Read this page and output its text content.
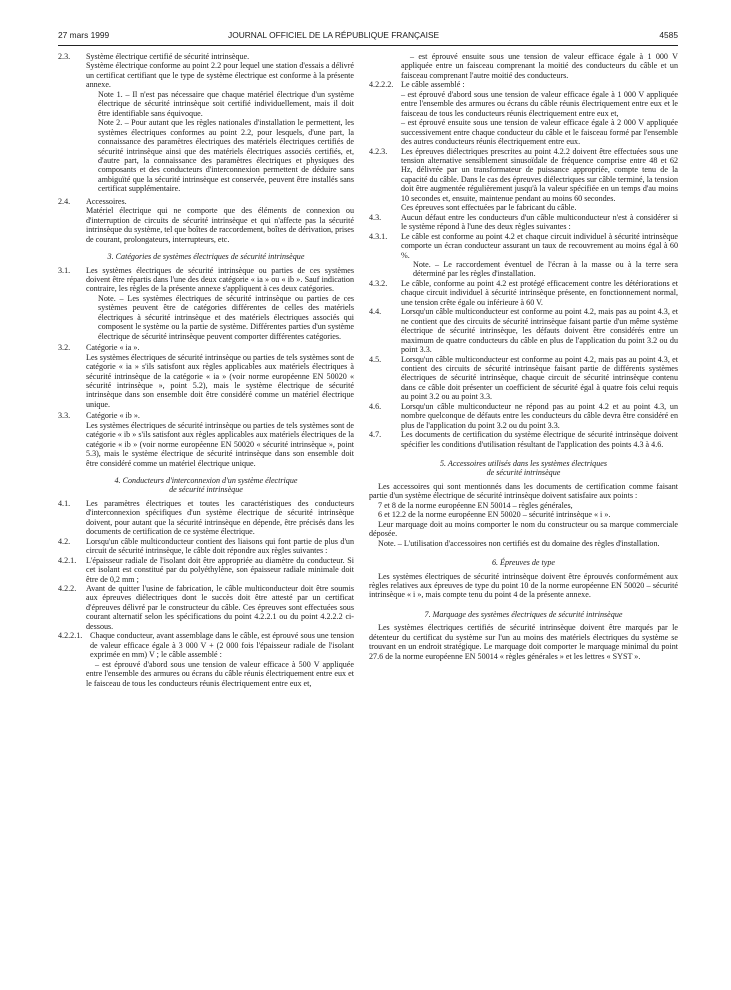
27 mars 1999	JOURNAL OFFICIEL DE LA RÉPUBLIQUE FRANÇAISE	4585
2.3. Système électrique certifié de sécurité intrinsèque.

Système électrique conforme au point 2.2 pour lequel une station d'essais a délivré un certificat certifiant que le type de système électrique est conforme à la présente annexe.

Note 1. – Il n'est pas nécessaire que chaque matériel électrique d'un système électrique de sécurité intrinsèque soit certifié individuellement, mais il doit être identifiable sans équivoque.

Note 2. – Pour autant que les règles nationales d'installation le permettent, les systèmes électriques conformes au point 2.2, pour lesquels, d'une part, la connaissance des paramètres électriques des matériels électriques certifiés de sécurité intrinsèque ainsi que des matériels électriques associés certifiés, et, d'autre part, la connaissance des paramètres électriques et physiques des composants et des conducteurs d'interconnexion permettent de déduire sans ambiguïté que la sécurité intrinsèque est conservée, peuvent être installés sans certificat supplémentaire.

2.4. Accessoires.

Matériel électrique qui ne comporte que des éléments de connexion ou d'interruption de circuits de sécurité intrinsèque et qui n'affecte pas la sécurité intrinsèque du système, tel que boîtes de raccordement, boîtes de dérivation, prises de courant, prolongateurs, interrupteurs, etc.

3. Catégories de systèmes électriques de sécurité intrinsèque

3.1. Les systèmes électriques de sécurité intrinsèque ou parties de ces systèmes doivent être répartis dans l'une des deux catégorie « ia » ou « ib ». Sauf indication contraire, les règles de la présente annexe s'appliquent à ces deux catégories.

Note. – Les systèmes électriques de sécurité intrinsèque ou parties de ces systèmes peuvent être de catégories différentes de celles des matériels électriques à sécurité intrinsèque et des matériels électriques associés qui composent le système ou la partie de système. Différentes parties d'un système électrique de sécurité intrinsèque peuvent comporter différentes catégories.

3.2. Catégorie « ia ».

Les systèmes électriques de sécurité intrinsèque ou parties de tels systèmes sont de catégorie « ia » s'ils satisfont aux règles applicables aux matériels électriques à sécurité intrinsèque de la catégorie « ia » (voir norme européenne EN 50020 « sécurité intrinsèque », point 5.2), mais le système électrique de sécurité intrinsèque dans son ensemble doit être considéré comme un matériel électrique unique.

3.3. Catégorie « ib ».

Les systèmes électriques de sécurité intrinsèque ou parties de tels systèmes sont de catégorie « ib » s'ils satisfont aux règles applicables aux matériels électriques de la catégorie « ib » (voir norme européenne EN 50020 « sécurité intrinsèque », point 5.3), mais le système électrique de sécurité intrinsèque dans son ensemble doit être considéré comme un matériel électrique unique.

4. Conducteurs d'interconnexion d'un système électrique

de sécurité intrinsèque

4.1. Les paramètres électriques et toutes les caractéristiques des conducteurs d'interconnexion spécifiques d'un système électrique de sécurité intrinsèque doivent, pour autant que la sécurité intrinsèque en dépende, être précisés dans les documents de certification de ce système électrique.

4.2. Lorsqu'un câble multiconducteur contient des liaisons qui font partie de plus d'un circuit de sécurité intrinsèque, le câble doit répondre aux règles suivantes :

4.2.1. L'épaisseur radiale de l'isolant doit être appropriée au diamètre du conducteur. Si cet isolant est constitué par du polyéthylène, son épaisseur radiale minimale doit être de 0,2 mm ;

4.2.2. Avant de quitter l'usine de fabrication, le câble multiconducteur doit être soumis aux épreuves diélectriques dont le succès doit être attesté par un certificat d'épreuves délivré par le constructeur du câble. Ces épreuves sont effectuées sous courant alternatif selon les spécifications du point 4.2.2.1 ou du point 4.2.2.2 ci-dessous.

4.2.2.1. Chaque conducteur, avant assemblage dans le câble, est éprouvé sous une tension de valeur efficace égale à 3 000 V + (2 000 fois l'épaisseur radiale de l'isolant exprimée en mm) V ; le câble assemblé :

– est éprouvé d'abord sous une tension de valeur efficace à 500 V appliquée entre l'ensemble des armures ou écrans du câble réunis électriquement entre eux et le faisceau de tous les conducteurs réunis électriquement entre eux et,

– est éprouvé ensuite sous une tension de valeur efficace égale à 1 000 V appliquée entre un faisceau comprenant la moitié des conducteurs du câble et un faisceau comprenant l'autre moitié des conducteurs.

4.2.2.2. Le câble assemblé :

– est éprouvé d'abord sous une tension de valeur efficace égale à 1 000 V appliquée entre l'ensemble des armures ou écrans du câble réunis électriquement entre eux et le faisceau de tous les conducteurs réunis électriquement entre eux et,

– est éprouvé ensuite sous une tension de valeur efficace égale à 2 000 V appliquée successivement entre chaque conducteur du câble et le faisceau formé par l'ensemble des autres conducteurs réunis électriquement entre eux.

4.2.3. Les épreuves diélectriques prescrites au point 4.2.2 doivent être effectuées sous une tension alternative sensiblement sinusoïdale de fréquence comprise entre 48 et 62 Hz, délivrée par un transformateur de puissance appropriée, compte tenu de la capacité du câble. Dans le cas des épreuves diélectriques sur câble terminé, la tension doit être augmentée régulièrement jusqu'à la valeur spécifiée en un temps d'au moins 10 secondes et, ensuite, maintenue pendant au moins 60 secondes.

Ces épreuves sont effectuées par le fabricant du câble.

4.3. Aucun défaut entre les conducteurs d'un câble multiconducteur n'est à considérer si le système répond à l'une des deux règles suivantes :

4.3.1. Le câble est conforme au point 4.2 et chaque circuit individuel à sécurité intrinsèque comporte un écran conducteur assurant un taux de recouvrement au moins égal à 60 %.

Note. – Le raccordement éventuel de l'écran à la masse ou à la terre sera déterminé par les règles d'installation.

4.3.2. Le câble, conforme au point 4.2 est protégé efficacement contre les détériorations et chaque circuit individuel à sécurité intrinsèque présente, en fonctionnement normal, une tension crête égale ou inférieure à 60 V.

4.4. Lorsqu'un câble multiconducteur est conforme au point 4.2, mais pas au point 4.3, et ne contient que des circuits de sécurité intrinsèque faisant partie d'un même système électrique de sécurité intrinsèque, les défauts doivent être considérés entre un maximum de quatre conducteurs du câble en plus de l'application du point 3.2 ou du point 3.3.

4.5. Lorsqu'un câble multiconducteur est conforme au point 4.2, mais pas au point 4.3, et contient des circuits de sécurité intrinsèque faisant partie de différents systèmes électriques de sécurité intrinsèque, chaque circuit de sécurité intrinsèque contenu dans ce câble doit présenter un coefficient de sécurité égal à quatre fois celui requis au point 3.2 ou au point 3.3.

4.6. Lorsqu'un câble multiconducteur ne répond pas au point 4.2 et au point 4.3, un nombre quelconque de défauts entre les conducteurs du câble devra être considéré en plus de l'application du point 3.2 ou du point 3.3.

4.7. Les documents de certification du système électrique de sécurité intrinsèque doivent spécifier les conditions d'utilisation résultant de l'application des points 4.3 à 4.6.

5. Accessoires utilisés dans les systèmes électriques

de sécurité intrinsèque

Les accessoires qui sont mentionnés dans les documents de certification comme faisant partie d'un système électrique de sécurité intrinsèque doivent satisfaire aux points :

7 et 8 de la norme européenne EN 50014 – règles générales,

6 et 12.2 de la norme européenne EN 50020 – sécurité intrinsèque « i ».

Leur marquage doit au moins comporter le nom du constructeur ou sa marque commerciale déposée.

Note. – L'utilisation d'accessoires non certifiés est du domaine des règles d'installation.

6. Épreuves de type

Les systèmes électriques de sécurité intrinsèque doivent être éprouvés conformément aux règles relatives aux épreuves de type du point 10 de la norme européenne EN 50020 – sécurité intrinsèque « i », mais compte tenu du point 4 de la présente annexe.

7. Marquage des systèmes électriques de sécurité intrinsèque

Les systèmes électriques certifiés de sécurité intrinsèque doivent être marqués par le détenteur du certificat du système sur l'un au moins des matériels électriques du système se trouvant en un endroit stratégique. Le marquage doit comporter le marquage minimal du point 27.6 de la norme européenne EN 50014 « règles générales » et les lettres « SYST ».
